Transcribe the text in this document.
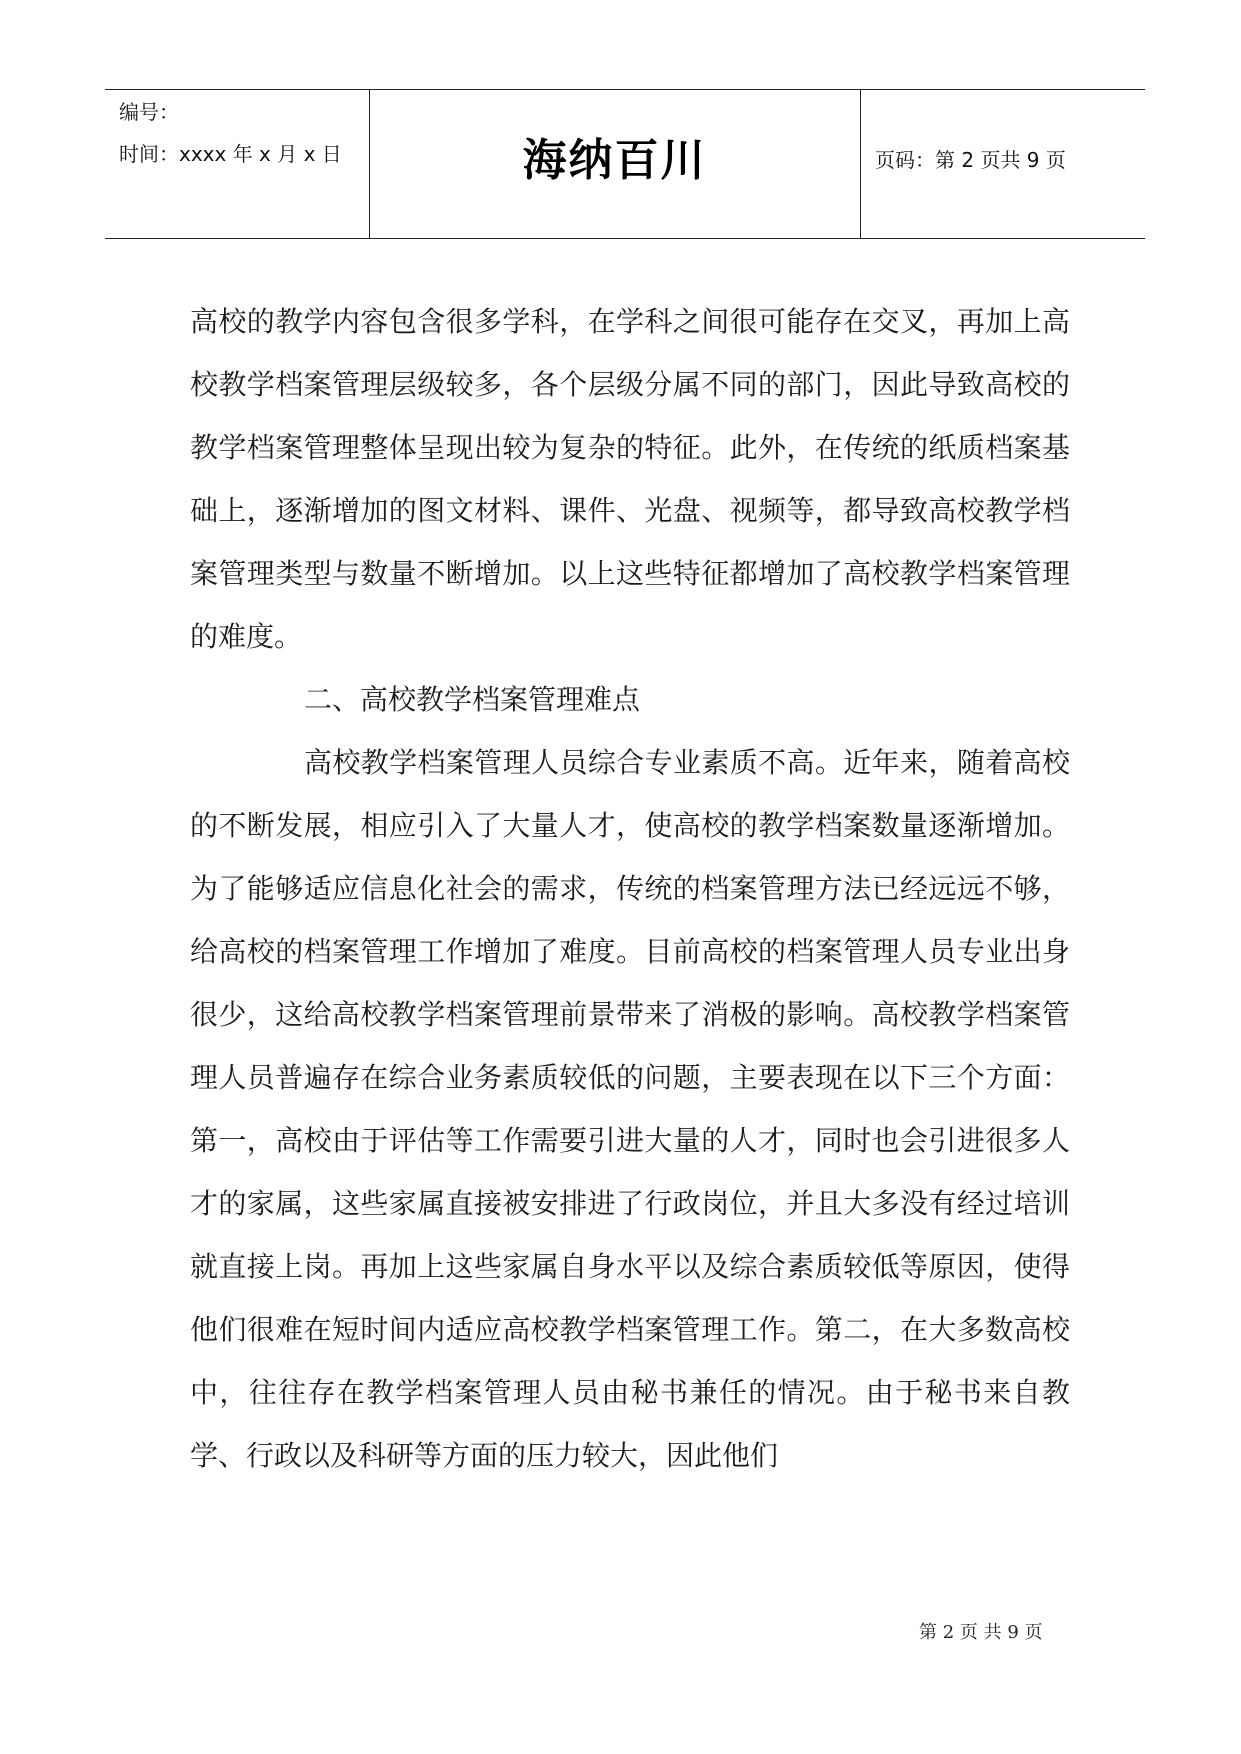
编号：
时间：xxxx 年 x 月 x 日	海纳百川	页码：第 2 页共 9 页

高校的教学内容包含很多学科，在学科之间很可能存在交叉，再加上高校教学档案管理层级较多，各个层级分属不同的部门，因此导致高校的教学档案管理整体呈现出较为复杂的特征。此外，在传统的纸质档案基础上，逐渐增加的图文材料、课件、光盘、视频等，都导致高校教学档案管理类型与数量不断增加。以上这些特征都增加了高校教学档案管理的难度。

二、高校教学档案管理难点

高校教学档案管理人员综合专业素质不高。近年来，随着高校的不断发展，相应引入了大量人才，使高校的教学档案数量逐渐增加。为了能够适应信息化社会的需求，传统的档案管理方法已经远远不够，给高校的档案管理工作增加了难度。目前高校的档案管理人员专业出身很少，这给高校教学档案管理前景带来了消极的影响。高校教学档案管理人员普遍存在综合业务素质较低的问题，主要表现在以下三个方面：第一，高校由于评估等工作需要引进大量的人才，同时也会引进很多人才的家属，这些家属直接被安排进了行政岗位，并且大多没有经过培训就直接上岗。再加上这些家属自身水平以及综合素质较低等原因，使得他们很难在短时间内适应高校教学档案管理工作。第二，在大多数高校中，往往存在教学档案管理人员由秘书兼任的情况。由于秘书来自教学、行政以及科研等方面的压力较大，因此他们

第 2 页 共 9 页
